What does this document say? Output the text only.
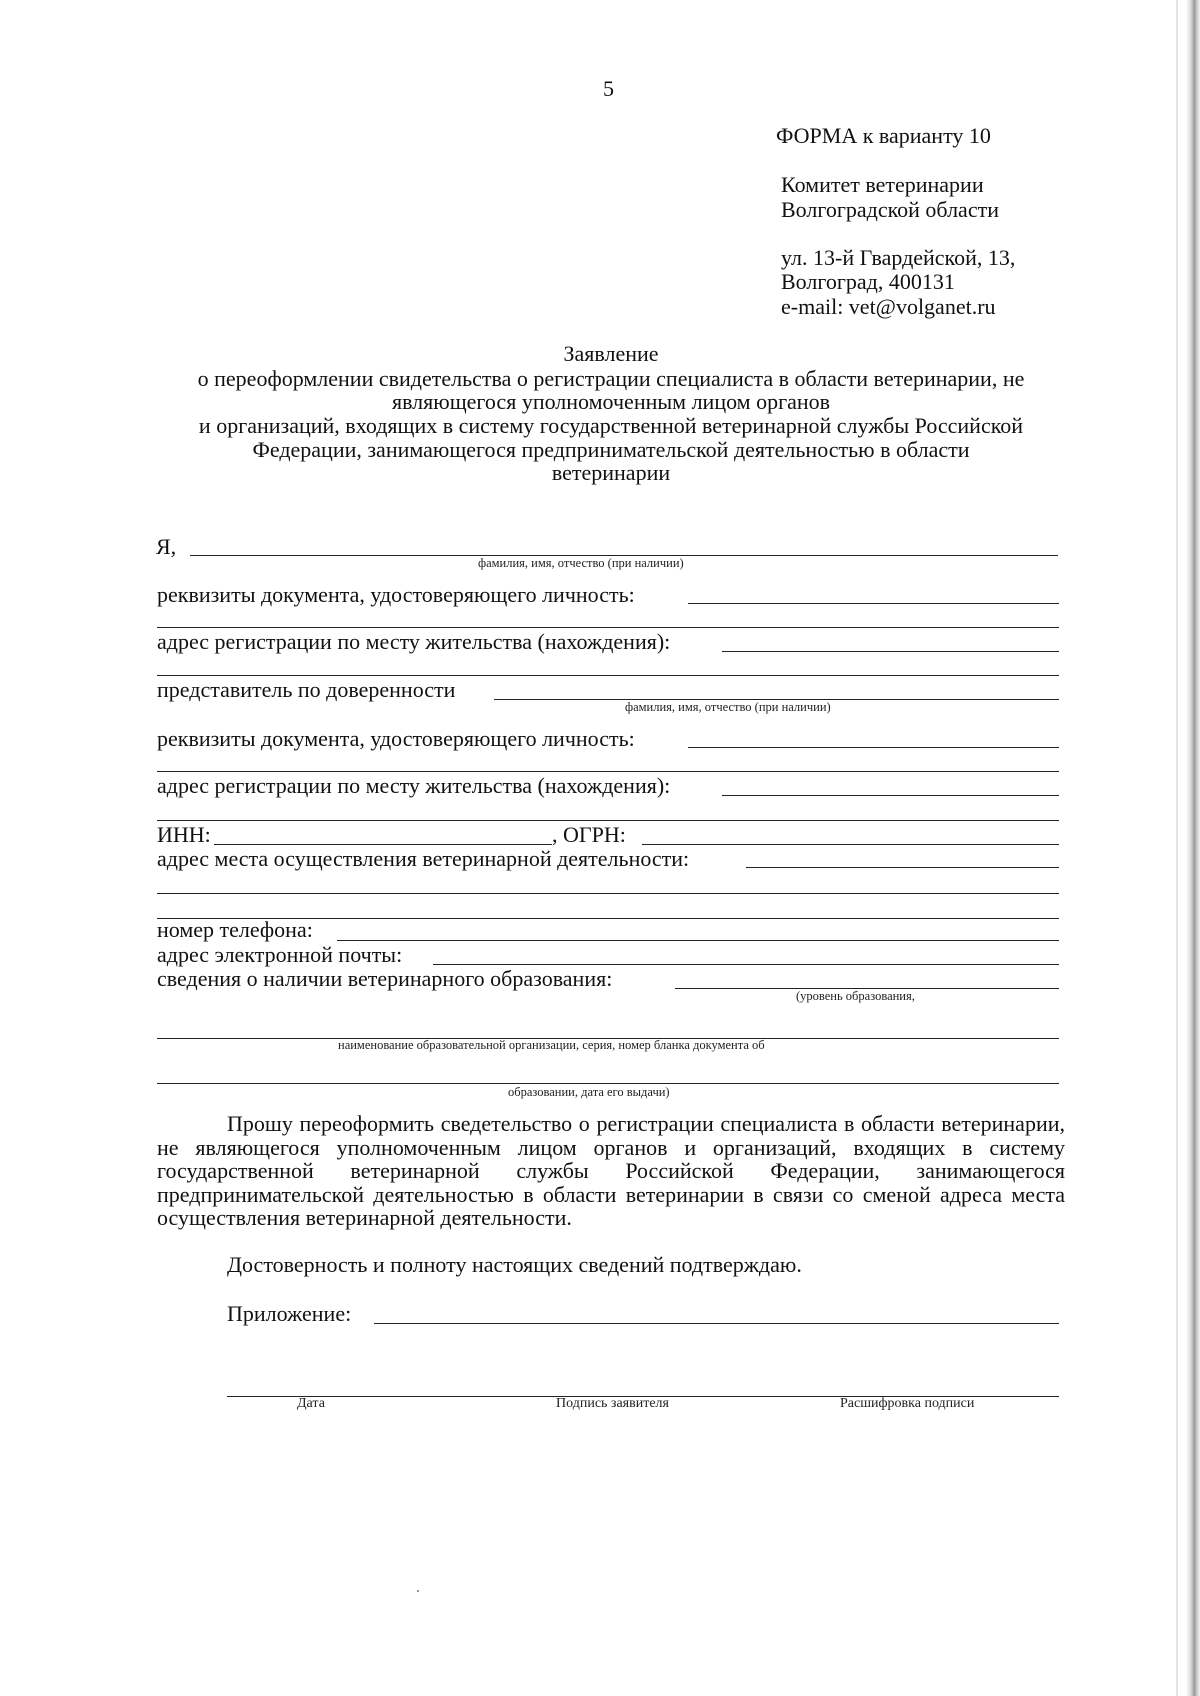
5
ФОРМА к варианту 10
Комитет ветеринарии
Волгоградской области
ул. 13-й Гвардейской, 13,
Волгоград, 400131
e-mail: vet@volganet.ru
Заявление
о переоформлении свидетельства о регистрации специалиста в области ветеринарии, не
являющегося уполномоченным лицом органов
и организаций, входящих в систему государственной ветеринарной службы Российской
Федерации, занимающегося предпринимательской деятельностью в области
ветеринарии
Я,
фамилия, имя, отчество (при наличии)
реквизиты документа, удостоверяющего личность:
адрес регистрации по месту жительства (нахождения):
представитель по доверенности
фамилия, имя, отчество (при наличии)
реквизиты документа, удостоверяющего личность:
адрес регистрации по месту жительства (нахождения):
ИНН:	, ОГРН:
адрес места осуществления ветеринарной деятельности:
номер телефона:
адрес электронной почты:
сведения о наличии ветеринарного образования:
(уровень образования,
наименование образовательной организации, серия, номер бланка документа об
образовании, дата его выдачи)
Прошу переоформить сведетельство о регистрации специалиста в области ветеринарии, не являющегося уполномоченным лицом органов и организаций, входящих в систему государственной ветеринарной службы Российской Федерации, занимающегося предпринимательской деятельностью в области ветеринарии в связи со сменой адреса места осуществления ветеринарной деятельности.
Достоверность и полноту настоящих сведений подтверждаю.
Приложение:
Дата	Подпись заявителя	Расшифровка подписи
